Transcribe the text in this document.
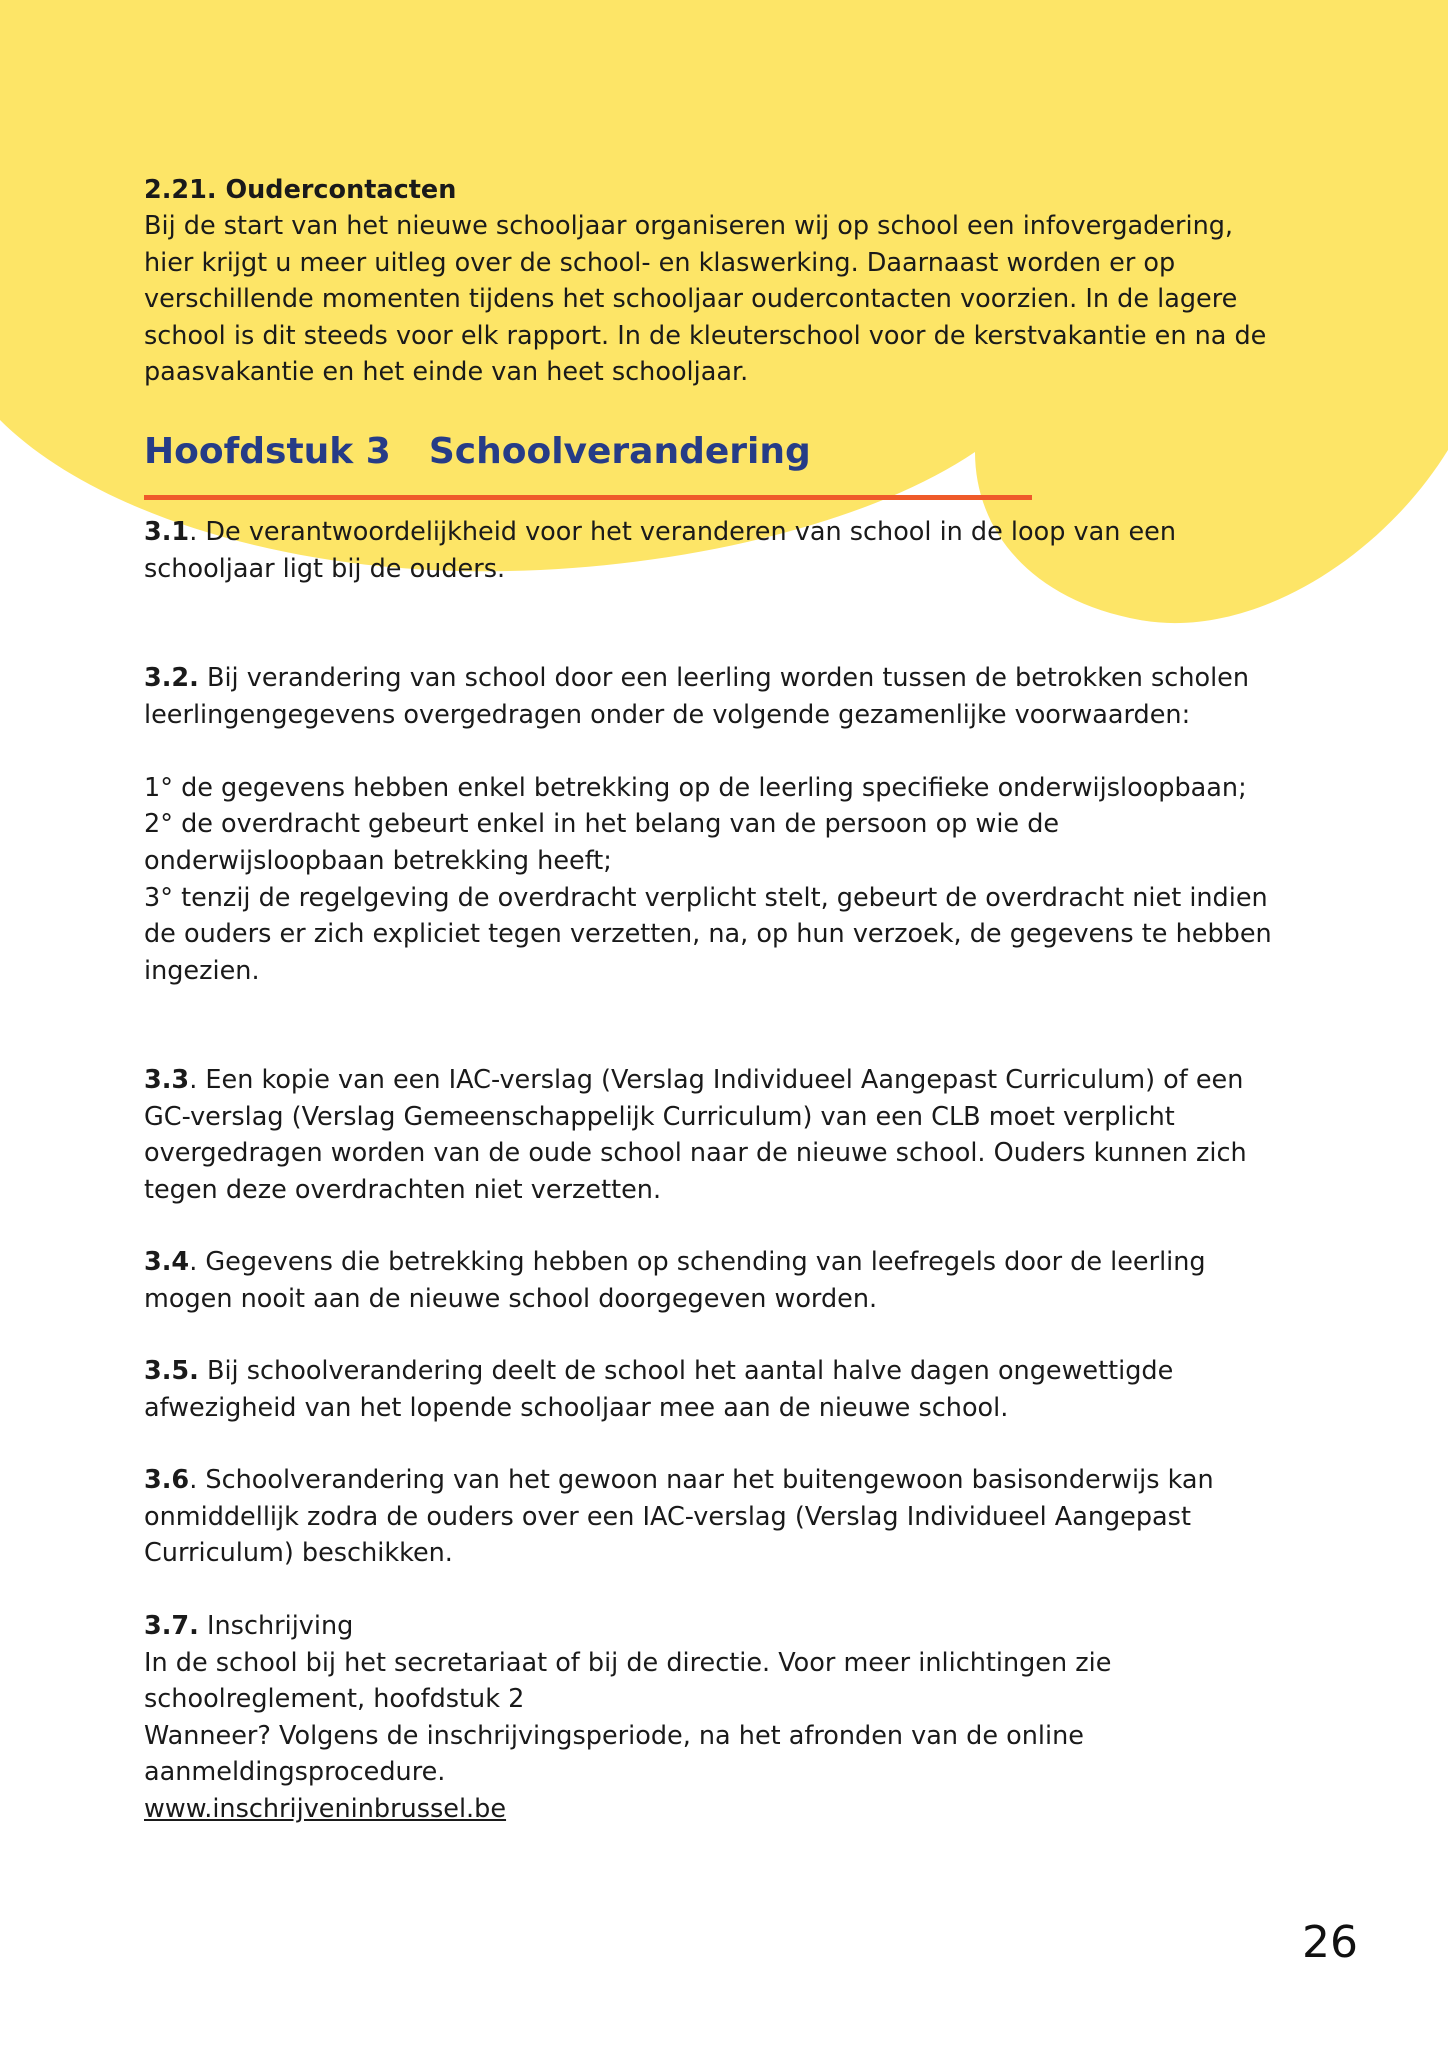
2.21. Oudercontacten

Bij de start van het nieuwe schooljaar organiseren wij op school een infovergadering,

hier krijgt u meer uitleg over de school- en klaswerking. Daarnaast worden er op

verschillende momenten tijdens het schooljaar oudercontacten voorzien. In de lagere

school is dit steeds voor elk rapport. In de kleuterschool voor de kerstvakantie en na de

paasvakantie en het einde van heet schooljaar.

Hoofdstuk 3 Schoolverandering

3.1. De verantwoordelijkheid voor het veranderen van school in de loop van een

schooljaar ligt bij de ouders.

3.2. Bij verandering van school door een leerling worden tussen de betrokken scholen

leerlingengegevens overgedragen onder de volgende gezamenlijke voorwaarden:

1° de gegevens hebben enkel betrekking op de leerling specifieke onderwijsloopbaan;

2° de overdracht gebeurt enkel in het belang van de persoon op wie de

onderwijsloopbaan betrekking heeft;

3° tenzij de regelgeving de overdracht verplicht stelt, gebeurt de overdracht niet indien

de ouders er zich expliciet tegen verzetten, na, op hun verzoek, de gegevens te hebben

ingezien.

3.3. Een kopie van een IAC-verslag (Verslag Individueel Aangepast Curriculum) of een

GC-verslag (Verslag Gemeenschappelijk Curriculum) van een CLB moet verplicht

overgedragen worden van de oude school naar de nieuwe school. Ouders kunnen zich

tegen deze overdrachten niet verzetten.

3.4. Gegevens die betrekking hebben op schending van leefregels door de leerling

mogen nooit aan de nieuwe school doorgegeven worden.

3.5. Bij schoolverandering deelt de school het aantal halve dagen ongewettigde

afwezigheid van het lopende schooljaar mee aan de nieuwe school.

3.6. Schoolverandering van het gewoon naar het buitengewoon basisonderwijs kan

onmiddellijk zodra de ouders over een IAC-verslag (Verslag Individueel Aangepast

Curriculum) beschikken.

3.7. Inschrijving

In de school bij het secretariaat of bij de directie. Voor meer inlichtingen zie

schoolreglement, hoofdstuk 2

Wanneer? Volgens de inschrijvingsperiode, na het afronden van de online

aanmeldingsprocedure.

www.inschrijveninbrussel.be

26
